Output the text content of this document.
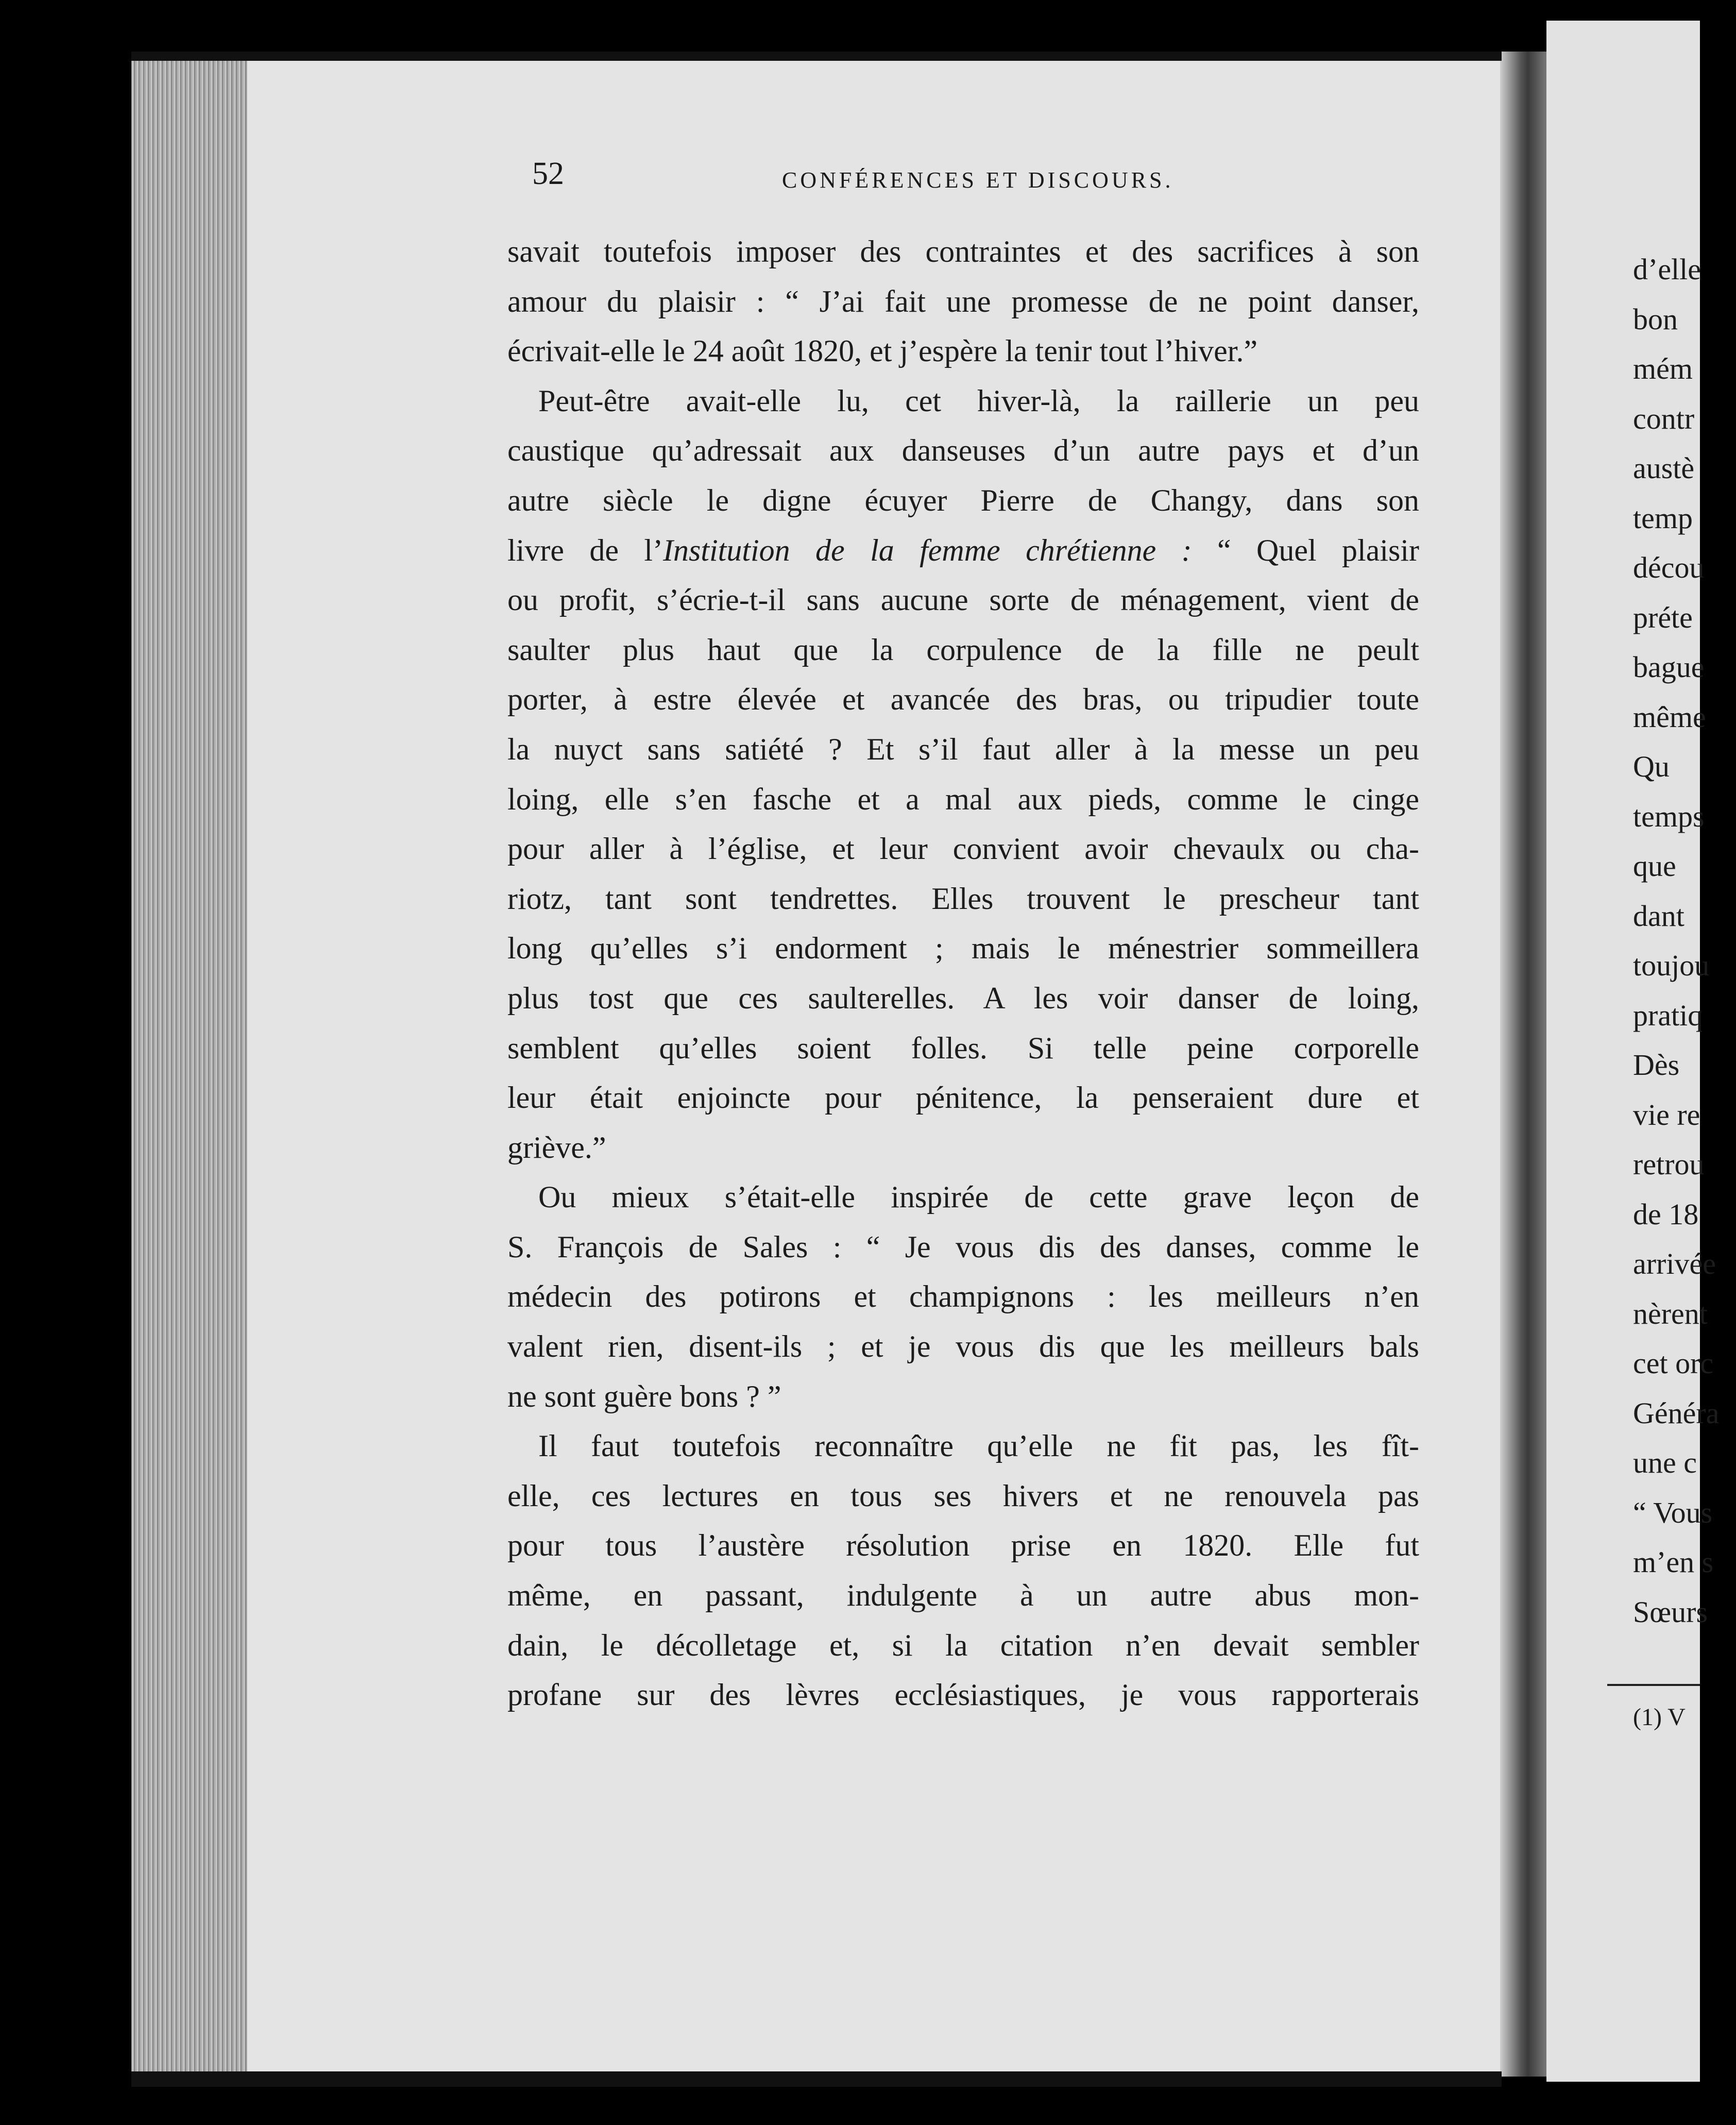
52	CONFÉRENCES ET DISCOURS.
savait toutefois imposer des contraintes et des sacrifices à son
amour du plaisir : “ J’ai fait une promesse de ne point danser,
écrivait-elle le 24 août 1820, et j’espère la tenir tout l’hiver.”
Peut-être avait-elle lu, cet hiver-là, la raillerie un peu
caustique qu’adressait aux danseuses d’un autre pays et d’un
autre siècle le digne écuyer Pierre de Changy, dans son
livre de l’Institution de la femme chrétienne : “ Quel plaisir
ou profit, s’écrie-t-il sans aucune sorte de ménagement, vient de
saulter plus haut que la corpulence de la fille ne peult
porter, à estre élevée et avancée des bras, ou tripudier toute
la nuyct sans satiété ? Et s’il faut aller à la messe un peu
loing, elle s’en fasche et a mal aux pieds, comme le cinge
pour aller à l’église, et leur convient avoir chevaulx ou cha-
riotz, tant sont tendrettes. Elles trouvent le prescheur tant
long qu’elles s’i endorment ; mais le ménestrier sommeillera
plus tost que ces saulterelles. A les voir danser de loing,
semblent qu’elles soient folles. Si telle peine corporelle
leur était enjoincte pour pénitence, la penseraient dure et
griève.”
Ou mieux s’était-elle inspirée de cette grave leçon de
S. François de Sales : “ Je vous dis des danses, comme le
médecin des potirons et champignons : les meilleurs n’en
valent rien, disent-ils ; et je vous dis que les meilleurs bals
ne sont guère bons ? ”
Il faut toutefois reconnaître qu’elle ne fit pas, les fît-
elle, ces lectures en tous ses hivers et ne renouvela pas
pour tous l’austère résolution prise en 1820. Elle fut
même, en passant, indulgente à un autre abus mon-
dain, le décolletage et, si la citation n’en devait sembler
profane sur des lèvres ecclésiastiques, je vous rapporterais
d’elle
bon
mém
contr
austè
temp
décou
préte
bague
même
Qu
temps
que
dant
toujou
pratiq
Dès
vie re
retrou
de 18
arrivée
nèrent
cet orc
Généra
une c
“ Vous
m’en s
Sœurs
(1) V
